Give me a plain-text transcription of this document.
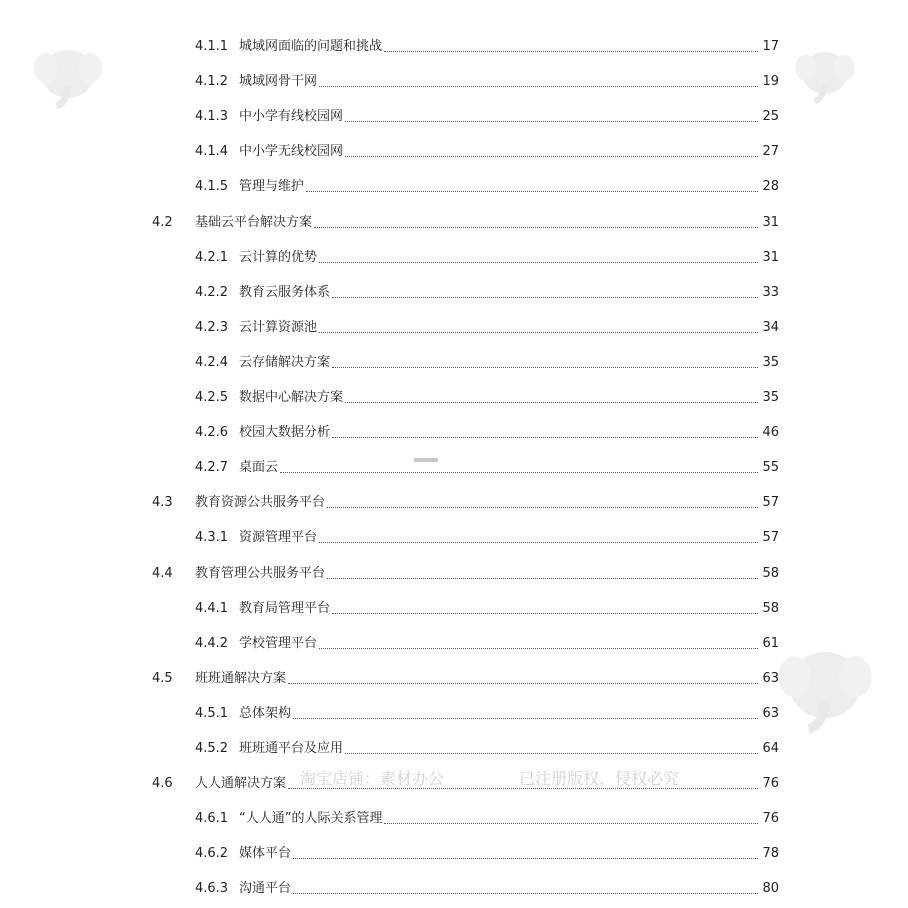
4.1.1 城域网面临的问题和挑战	17
4.1.2 城域网骨干网	19
4.1.3 中小学有线校园网	25
4.1.4 中小学无线校园网	27
4.1.5 管理与维护	28
4.2 基础云平台解决方案	31
4.2.1 云计算的优势	31
4.2.2 教育云服务体系	33
4.2.3 云计算资源池	34
4.2.4 云存储解决方案	35
4.2.5 数据中心解决方案	35
4.2.6 校园大数据分析	46
4.2.7 桌面云	55
4.3 教育资源公共服务平台	57
4.3.1 资源管理平台	57
4.4 教育管理公共服务平台	58
4.4.1 教育局管理平台	58
4.4.2 学校管理平台	61
4.5 班班通解决方案	63
4.5.1 总体架构	63
4.5.2 班班通平台及应用	64
4.6 人人通解决方案	76
4.6.1 “人人通”的人际关系管理	76
4.6.2 媒体平台	78
4.6.3 沟通平台	80
淘宝店铺：素材办公	已注册版权，侵权必究
